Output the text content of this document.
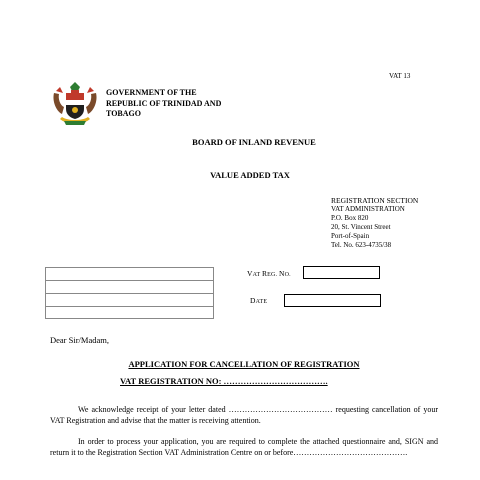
VAT 13
GOVERNMENT OF THE
REPUBLIC OF TRINIDAD AND
TOBAGO
BOARD OF INLAND REVENUE
VALUE ADDED TAX
REGISTRATION SECTION
VAT ADMINISTRATION
P.O. Box 820
20, St. Vincent Street
Port-of-Spain
Tel. No. 623-4735/38
VAT REG. NO.
DATE
Dear Sir/Madam,
APPLICATION FOR CANCELLATION OF REGISTRATION
VAT REGISTRATION NO: ……………………………….
We acknowledge receipt of your letter dated ………………………………… requesting cancellation of your VAT Registration and advise that the matter is receiving attention.
In order to process your application, you are required to complete the attached questionnaire and, SIGN and return it to the Registration Section VAT Administration Centre on or before…………………………………….
